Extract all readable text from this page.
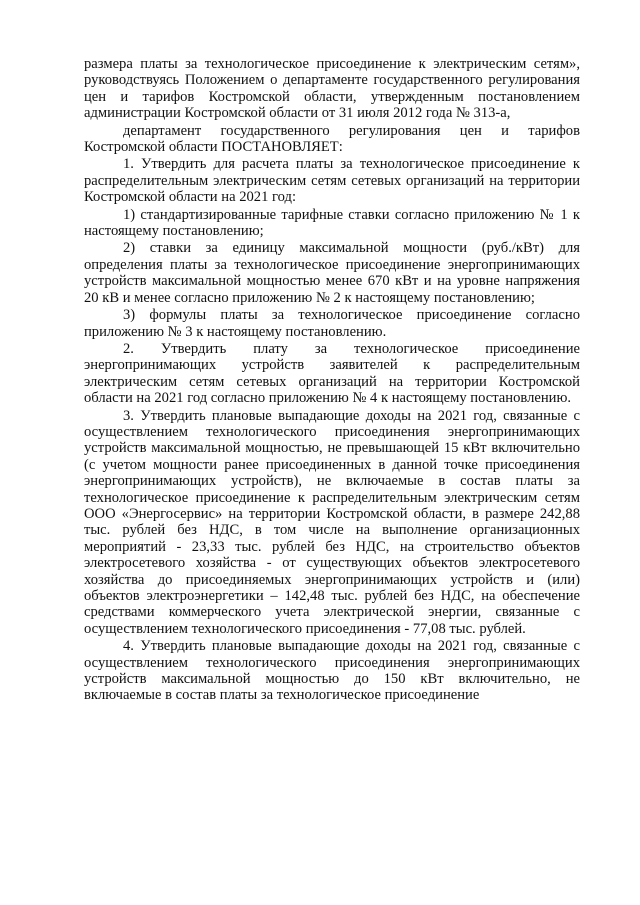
размера платы за технологическое присоединение к электрическим сетям», руководствуясь Положением о департаменте государственного регулирования цен и тарифов Костромской области, утвержденным постановлением администрации Костромской области от 31 июля 2012 года № 313-а,

департамент государственного регулирования цен и тарифов Костромской области ПОСТАНОВЛЯЕТ:

1. Утвердить для расчета платы за технологическое присоединение к распределительным электрическим сетям сетевых организаций на территории Костромской области на 2021 год:

1) стандартизированные тарифные ставки согласно приложению № 1 к настоящему постановлению;

2) ставки за единицу максимальной мощности (руб./кВт) для определения платы за технологическое присоединение энергопринимающих устройств максимальной мощностью менее 670 кВт и на уровне напряжения 20 кВ и менее согласно приложению № 2 к настоящему постановлению;

3) формулы платы за технологическое присоединение согласно приложению № 3 к настоящему постановлению.

2. Утвердить плату за технологическое присоединение энергопринимающих устройств заявителей к распределительным электрическим сетям сетевых организаций на территории Костромской области на 2021 год согласно приложению № 4 к настоящему постановлению.

3. Утвердить плановые выпадающие доходы на 2021 год, связанные с осуществлением технологического присоединения энергопринимающих устройств максимальной мощностью, не превышающей 15 кВт включительно (с учетом мощности ранее присоединенных в данной точке присоединения энергопринимающих устройств), не включаемые в состав платы за технологическое присоединение к распределительным электрическим сетям ООО «Энергосервис» на территории Костромской области, в размере 242,88 тыс. рублей без НДС, в том числе на выполнение организационных мероприятий - 23,33 тыс. рублей без НДС, на строительство объектов электросетевого хозяйства - от существующих объектов электросетевого хозяйства до присоединяемых энергопринимающих устройств и (или) объектов электроэнергетики – 142,48 тыс. рублей без НДС, на обеспечение средствами коммерческого учета электрической энергии, связанные с осуществлением технологического присоединения - 77,08 тыс. рублей.

4. Утвердить плановые выпадающие доходы на 2021 год, связанные с осуществлением технологического присоединения энергопринимающих устройств максимальной мощностью до 150 кВт включительно, не включаемые в состав платы за технологическое присоединение
